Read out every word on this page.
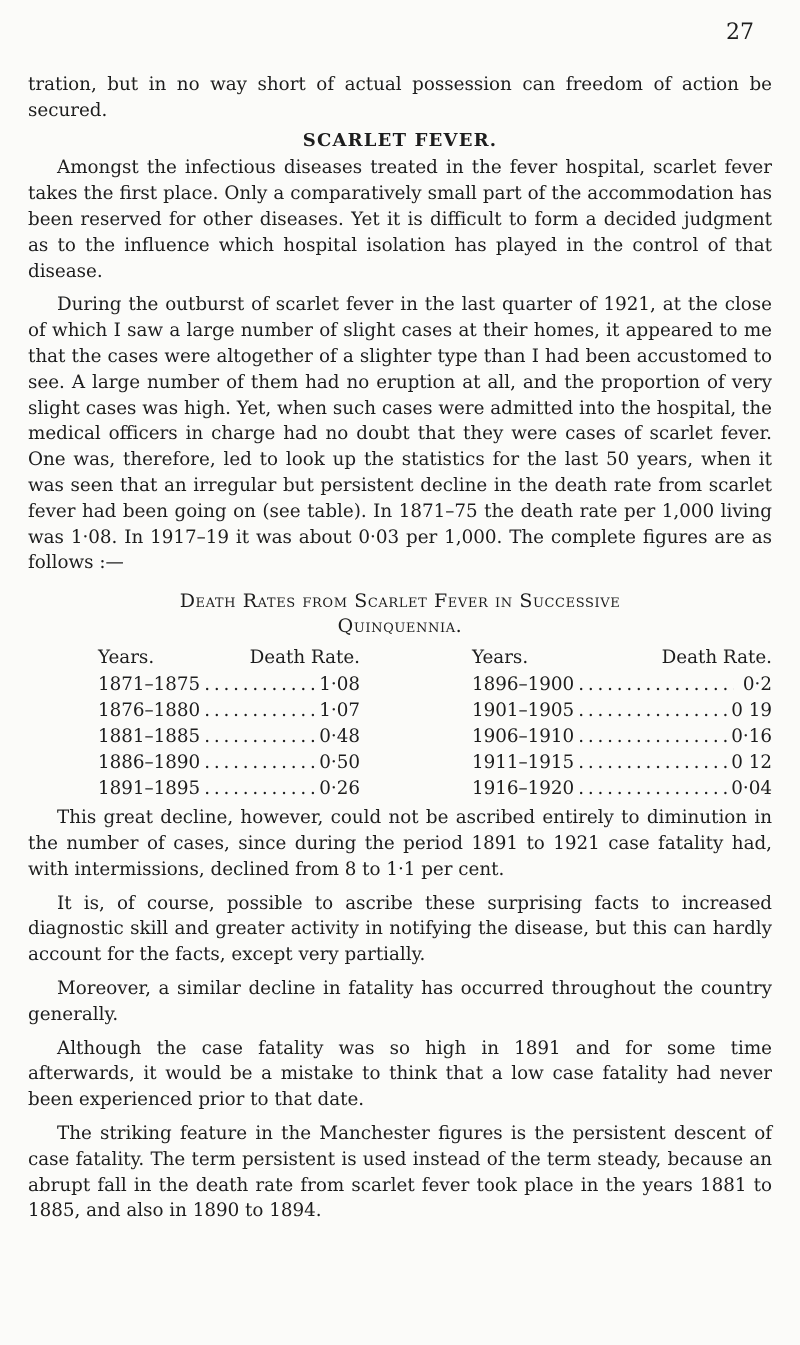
27

tration, but in no way short of actual possession can freedom of action be secured.

SCARLET FEVER.

Amongst the infectious diseases treated in the fever hospital, scarlet fever takes the first place. Only a comparatively small part of the accommodation has been reserved for other diseases. Yet it is difficult to form a decided judgment as to the influence which hospital isolation has played in the control of that disease.

During the outburst of scarlet fever in the last quarter of 1921, at the close of which I saw a large number of slight cases at their homes, it appeared to me that the cases were altogether of a slighter type than I had been accustomed to see. A large number of them had no eruption at all, and the proportion of very slight cases was high. Yet, when such cases were admitted into the hospital, the medical officers in charge had no doubt that they were cases of scarlet fever. One was, therefore, led to look up the statistics for the last 50 years, when it was seen that an irregular but persistent decline in the death rate from scarlet fever had been going on (see table). In 1871–75 the death rate per 1,000 living was 1·08. In 1917–19 it was about 0·03 per 1,000. The complete figures are as follows :—

Death Rates from Scarlet Fever in Successive
Quinquennia.
Years.	Death Rate.
1871–1875 . . .	1·08
1876–1880 . . .	1·07
1881–1885 . . .	0·48
1886–1890 . . .	0·50
1891–1895 . . .	0·26
Years.	Death Rate.
1896–1900 . . .	0·2
1901–1905 . . .	0 19
1906–1910 . . .	0·16
1911–1915 . . .	0 12
1916–1920 . . .	0·04

This great decline, however, could not be ascribed entirely to diminution in the number of cases, since during the period 1891 to 1921 case fatality had, with intermissions, declined from 8 to 1·1 per cent.

It is, of course, possible to ascribe these surprising facts to increased diagnostic skill and greater activity in notifying the disease, but this can hardly account for the facts, except very partially.

Moreover, a similar decline in fatality has occurred throughout the country generally.

Although the case fatality was so high in 1891 and for some time afterwards, it would be a mistake to think that a low case fatality had never been experienced prior to that date.

The striking feature in the Manchester figures is the persistent descent of case fatality. The term persistent is used instead of the term steady, because an abrupt fall in the death rate from scarlet fever took place in the years 1881 to 1885, and also in 1890 to 1894.
